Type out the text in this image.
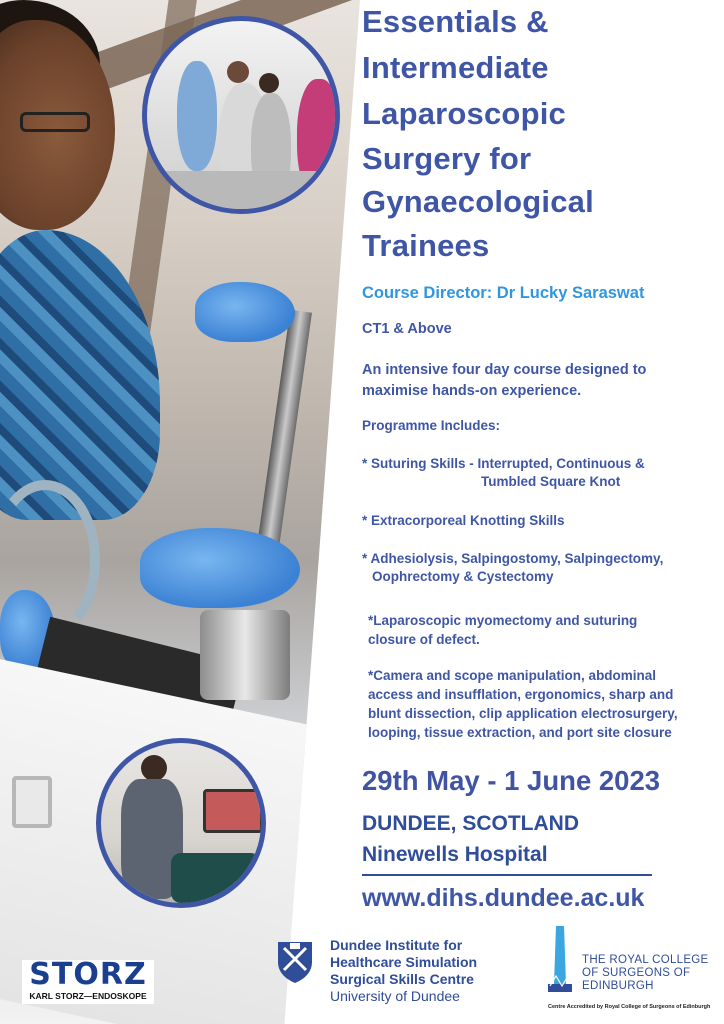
Essentials &
Intermediate
Laparoscopic
Surgery for
Gynaecological
Trainees
Course Director: Dr Lucky Saraswat
CT1 & Above
An intensive four day course designed to
maximise hands-on experience.
Programme Includes:
* Suturing Skills - Interrupted, Continuous &
Tumbled Square Knot
* Extracorporeal Knotting Skills
* Adhesiolysis, Salpingostomy, Salpingectomy,
Oophrectomy & Cystectomy
*Laparoscopic myomectomy and suturing
closure of defect.
*Camera and scope manipulation, abdominal
access and insufflation, ergonomics, sharp and
blunt dissection, clip application electrosurgery,
looping, tissue extraction, and port site closure
29th May - 1 June 2023
DUNDEE, SCOTLAND
Ninewells Hospital
www.dihs.dundee.ac.uk
STORZ
KARL STORZ—ENDOSKOPE
Dundee Institute for
Healthcare Simulation
Surgical Skills Centre
University of Dundee
THE ROYAL COLLEGE
OF SURGEONS OF
EDINBURGH
Centre Accredited by Royal College of Surgeons of Edinburgh
